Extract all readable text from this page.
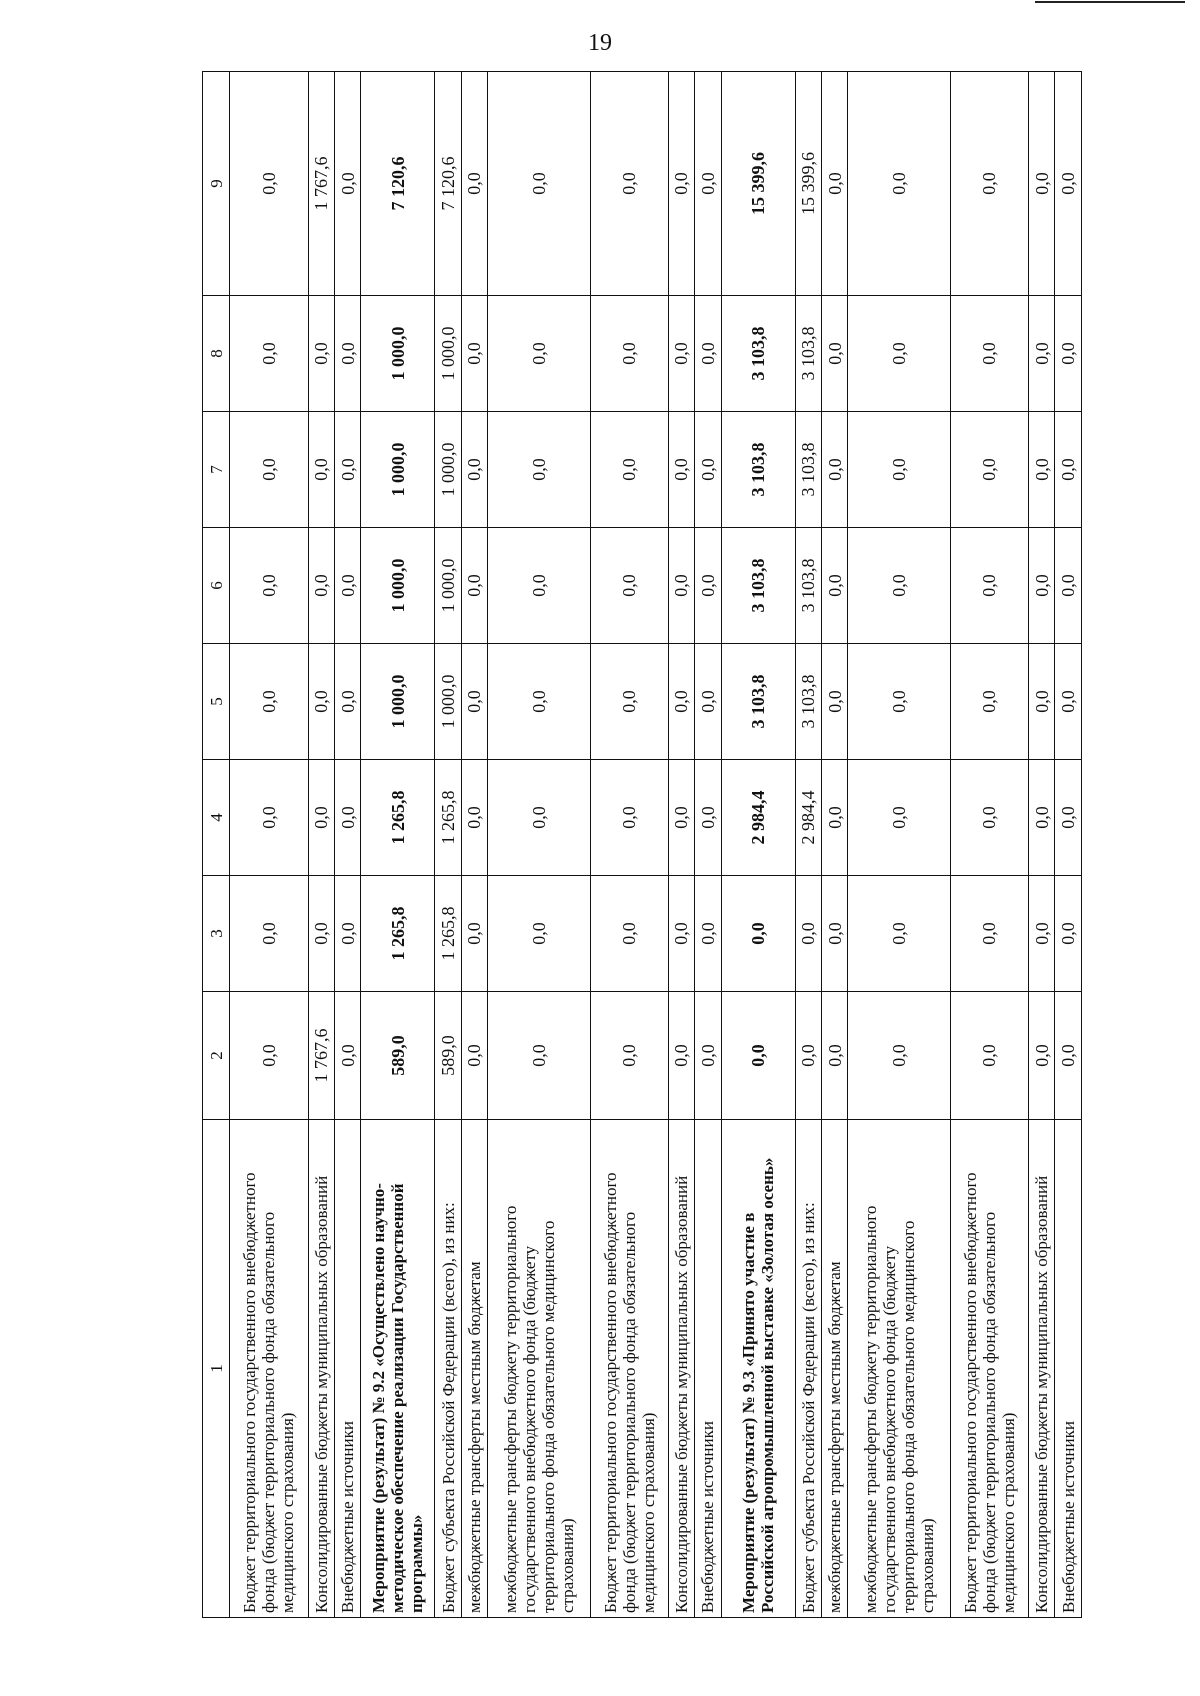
19
1	2	3	4	5	6	7	8	9
Бюджет территориального государственного внебюджетного фонда (бюджет территориального фонда обязательного медицинского страхования)	0,0	0,0	0,0	0,0	0,0	0,0	0,0	0,0
Консолидированные бюджеты муниципальных образований	1 767,6	0,0	0,0	0,0	0,0	0,0	0,0	1 767,6
Внебюджетные источники	0,0	0,0	0,0	0,0	0,0	0,0	0,0	0,0
Мероприятие (результат) № 9.2 «Осуществлено научно-методическое обеспечение реализации Государственной программы»	589,0	1 265,8	1 265,8	1 000,0	1 000,0	1 000,0	1 000,0	7 120,6
Бюджет субъекта Российской Федерации (всего), из них:	589,0	1 265,8	1 265,8	1 000,0	1 000,0	1 000,0	1 000,0	7 120,6
межбюджетные трансферты местным бюджетам	0,0	0,0	0,0	0,0	0,0	0,0	0,0	0,0
межбюджетные трансферты бюджету территориального государственного внебюджетного фонда (бюджету территориального фонда обязательного медицинского страхования)	0,0	0,0	0,0	0,0	0,0	0,0	0,0	0,0
Бюджет территориального государственного внебюджетного фонда (бюджет территориального фонда обязательного медицинского страхования)	0,0	0,0	0,0	0,0	0,0	0,0	0,0	0,0
Консолидированные бюджеты муниципальных образований	0,0	0,0	0,0	0,0	0,0	0,0	0,0	0,0
Внебюджетные источники	0,0	0,0	0,0	0,0	0,0	0,0	0,0	0,0
Мероприятие (результат) № 9.3 «Принято участие в Российской агропромышленной выставке «Золотая осень»	0,0	0,0	2 984,4	3 103,8	3 103,8	3 103,8	3 103,8	15 399,6
Бюджет субъекта Российской Федерации (всего), из них:	0,0	0,0	2 984,4	3 103,8	3 103,8	3 103,8	3 103,8	15 399,6
межбюджетные трансферты местным бюджетам	0,0	0,0	0,0	0,0	0,0	0,0	0,0	0,0
межбюджетные трансферты бюджету территориального государственного внебюджетного фонда (бюджету территориального фонда обязательного медицинского страхования)	0,0	0,0	0,0	0,0	0,0	0,0	0,0	0,0
Бюджет территориального государственного внебюджетного фонда (бюджет территориального фонда обязательного медицинского страхования)	0,0	0,0	0,0	0,0	0,0	0,0	0,0	0,0
Консолидированные бюджеты муниципальных образований	0,0	0,0	0,0	0,0	0,0	0,0	0,0	0,0
Внебюджетные источники	0,0	0,0	0,0	0,0	0,0	0,0	0,0	0,0
